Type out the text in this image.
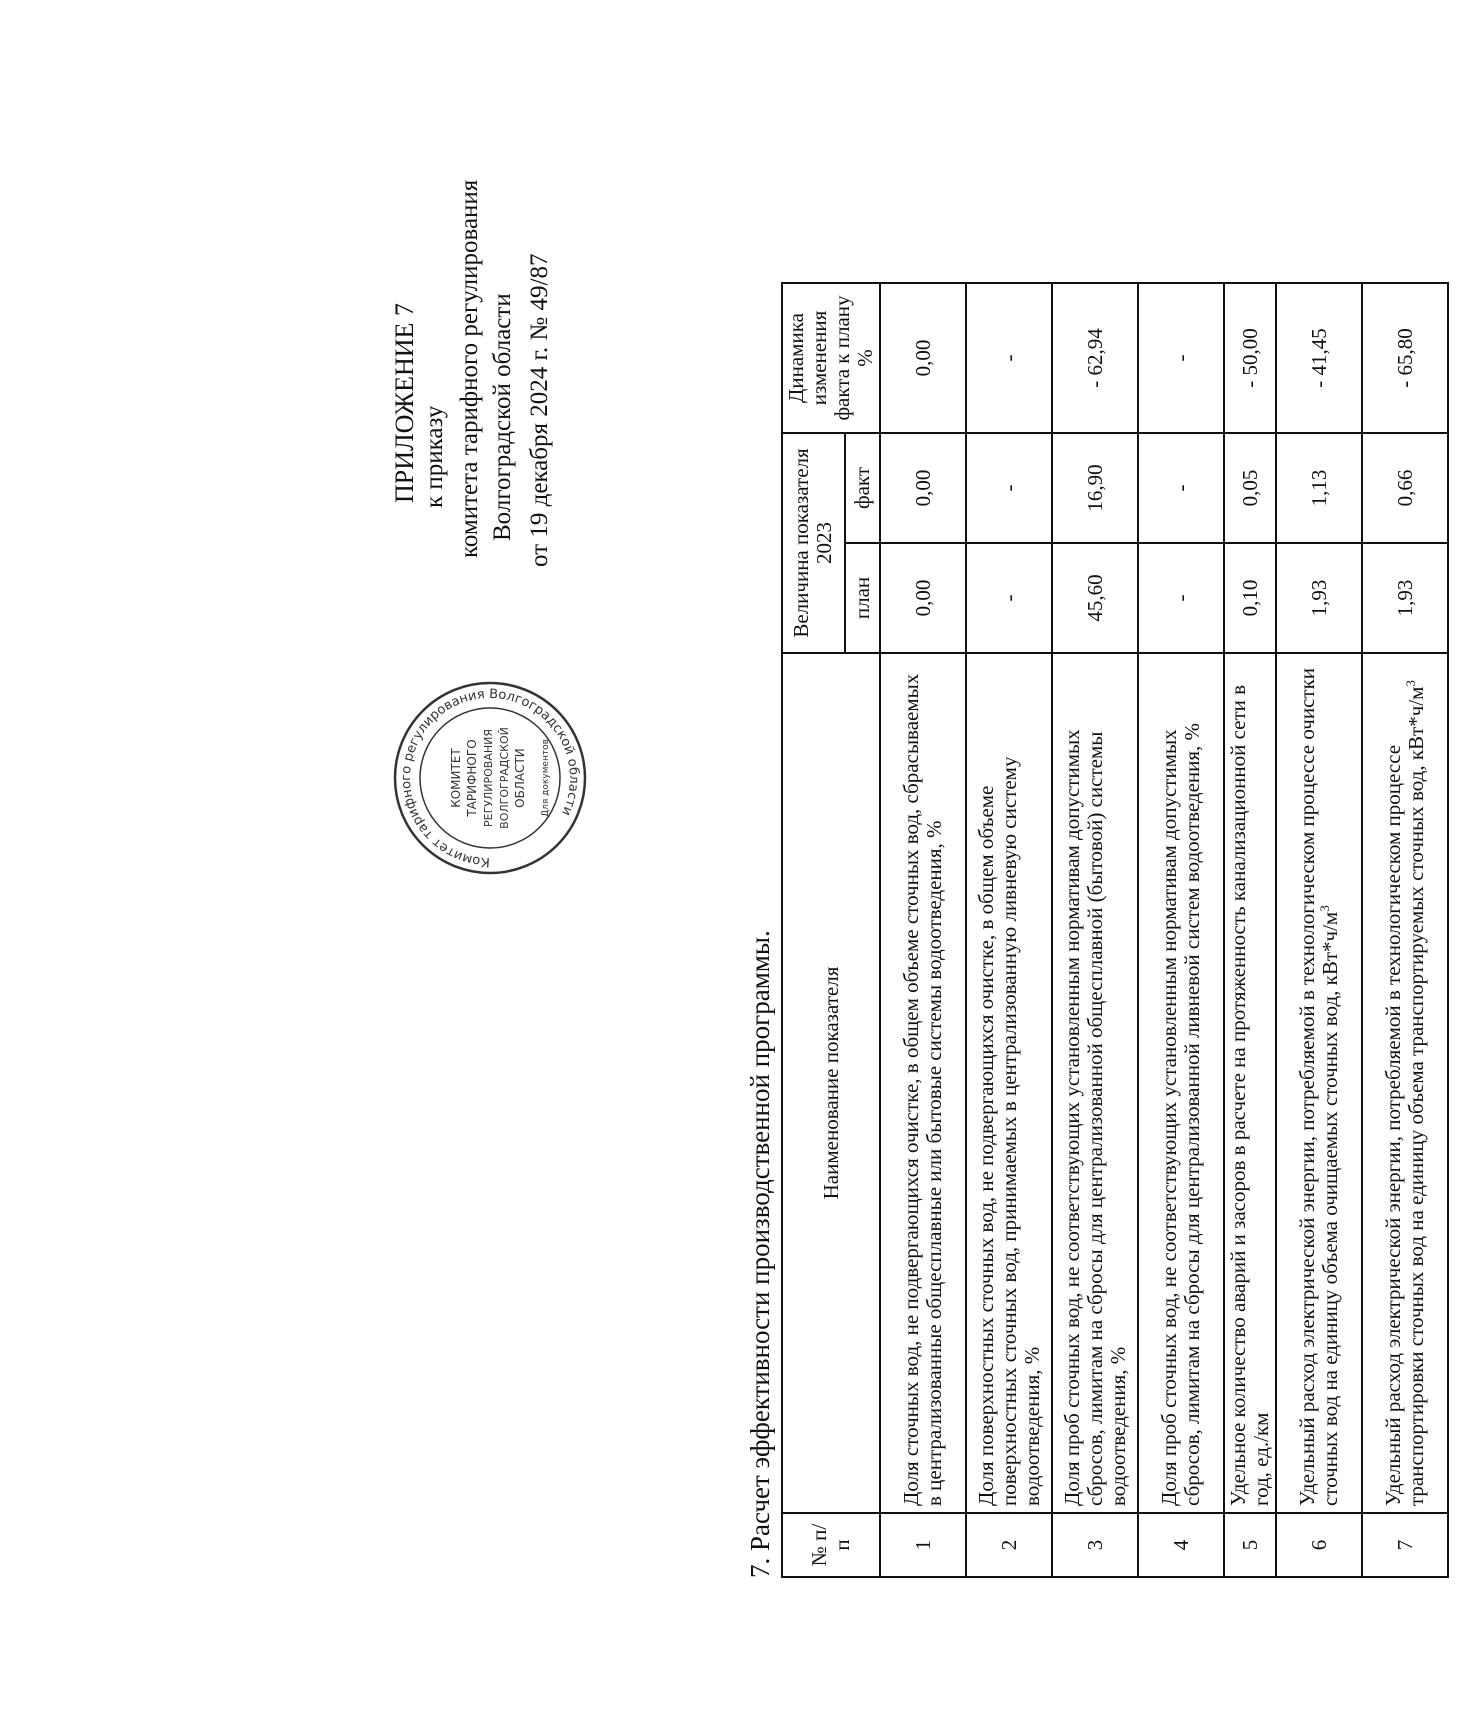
ПРИЛОЖЕНИЕ 7 к приказу комитета тарифного регулирования Волгоградской области от 19 декабря 2024 г. № 49/87
Комитет тарифного регулирования Волгоградской области
КОМИТЕТ ТАРИФНОГО РЕГУЛИРОВАНИЯ ВОЛГОГРАДСКОЙ ОБЛАСТИ Для документов
7. Расчет эффективности производственной программы. № п/п	Наименование показателя	Величина показателя 2023		Динамика изменения факта к плану %
		план	факт	
1	Доля сточных вод, не подвергающихся очистке, в общем объеме сточных вод, сбрасываемых в централизованные общесплавные или бытовые системы водоотведения, %	0,00	0,00	0,00
2	Доля поверхностных сточных вод, не подвергающихся очистке, в общем объеме поверхностных сточных вод, принимаемых в централизованную ливневую систему водоотведения, %	-	-	-
3	Доля проб сточных вод, не соответствующих установленным нормативам допустимых сбросов, лимитам на сбросы для централизованной общесплавной (бытовой) системы водоотведения, %	45,60	16,90	- 62,94
4	Доля проб сточных вод, не соответствующих установленным нормативам допустимых сбросов, лимитам на сбросы для централизованной ливневой систем водоотведения, %	-	-	-
5	Удельное количество аварий и засоров в расчете на протяженность канализационной сети в год, ед./км	0,10	0,05	- 50,00
6	Удельный расход электрической энергии, потребляемой в технологическом процессе очистки сточных вод на единицу объема очищаемых сточных вод, $кВт*ч/м^3$	1,93	1,13	- 41,45
7	Удельный расход электрической энергии, потребляемой в технологическом процессе транспортировки сточных вод на единицу объема транспортируемых сточных вод, $кВт*ч/м^3$	1,93	0,66	- 65,80
